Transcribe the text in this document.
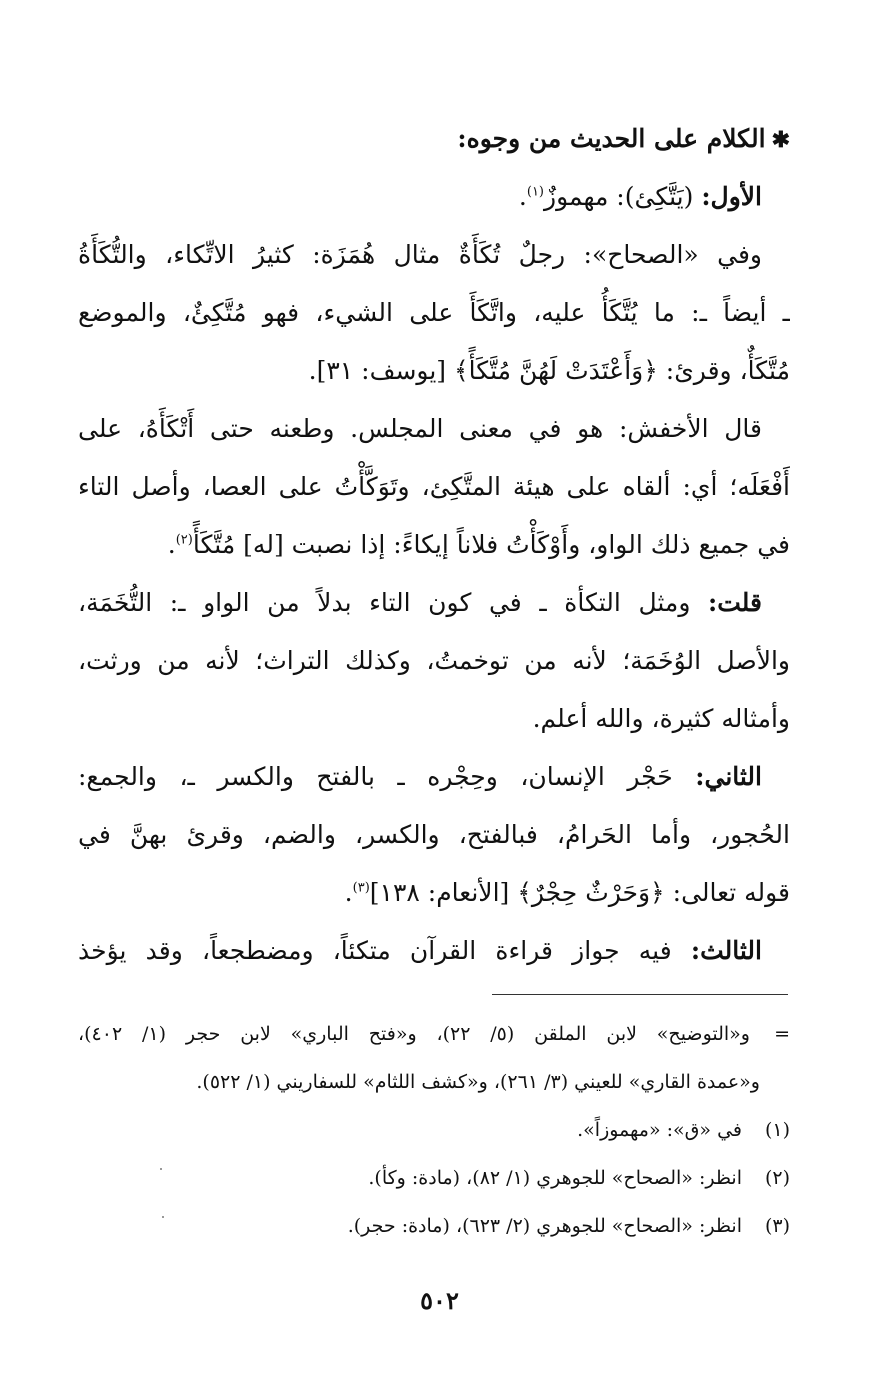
✱الكلام على الحديث من وجوه:
الأول: (يَتَّكِئ): مهموزٌ$^{(١)}$.
وفي «الصحاح»: رجلٌ تُكَأَةٌ مثال هُمَزَة: كثيرُ الاتِّكاء، والتُّكَأَةُ
ـ أيضاً ـ: ما يُتَّكَأُ عليه، واتَّكَأَ على الشيء، فهو مُتَّكِئٌ، والموضع
مُتَّكَأٌ، وقرئ: ﴿وَأَعْتَدَتْ لَهُنَّ مُتَّكَأً﴾ [يوسف: ٣١].
قال الأخفش: هو في معنى المجلس. وطعنه حتى أَتْكَأَهُ، على
أَفْعَلَه؛ أي: ألقاه على هيئة المتَّكِئ، وتَوَكَّأْتُ على العصا، وأصل التاء
في جميع ذلك الواو، وأَوْكَأْتُ فلاناً إيكاءً: إذا نصبت [له] مُتَّكَأً$^{(٢)}$.
قلت: ومثل التكأة ـ في كون التاء بدلاً من الواو ـ: التُّخَمَة،
والأصل الوُخَمَة؛ لأنه من توخمتُ، وكذلك التراث؛ لأنه من ورثت،
وأمثاله كثيرة، والله أعلم.
الثاني: حَجْر الإنسان، وحِجْره ـ بالفتح والكسر ـ، والجمع:
الحُجور، وأما الحَرامُ، فبالفتح، والكسر، والضم، وقرئ بهنَّ في
قوله تعالى: ﴿وَحَرْثٌ حِجْرٌ﴾ [الأنعام: ١٣٨]$^{(٣)}$.
الثالث: فيه جواز قراءة القرآن متكئاً، ومضطجعاً، وقد يؤخذ
=و«التوضيح» لابن الملقن (٥/ ٢٢)، و«فتح الباري» لابن حجر (١/ ٤٠٢)،
و«عمدة القاري» للعيني (٣/ ٢٦١)، و«كشف اللثام» للسفاريني (١/ ٥٢٢).
(١)في «ق»: «مهموزاً».
(٢)انظر: «الصحاح» للجوهري (١/ ٨٢)، (مادة: وكأ).
(٣)انظر: «الصحاح» للجوهري (٢/ ٦٢٣)، (مادة: حجر).
٥٠٢
